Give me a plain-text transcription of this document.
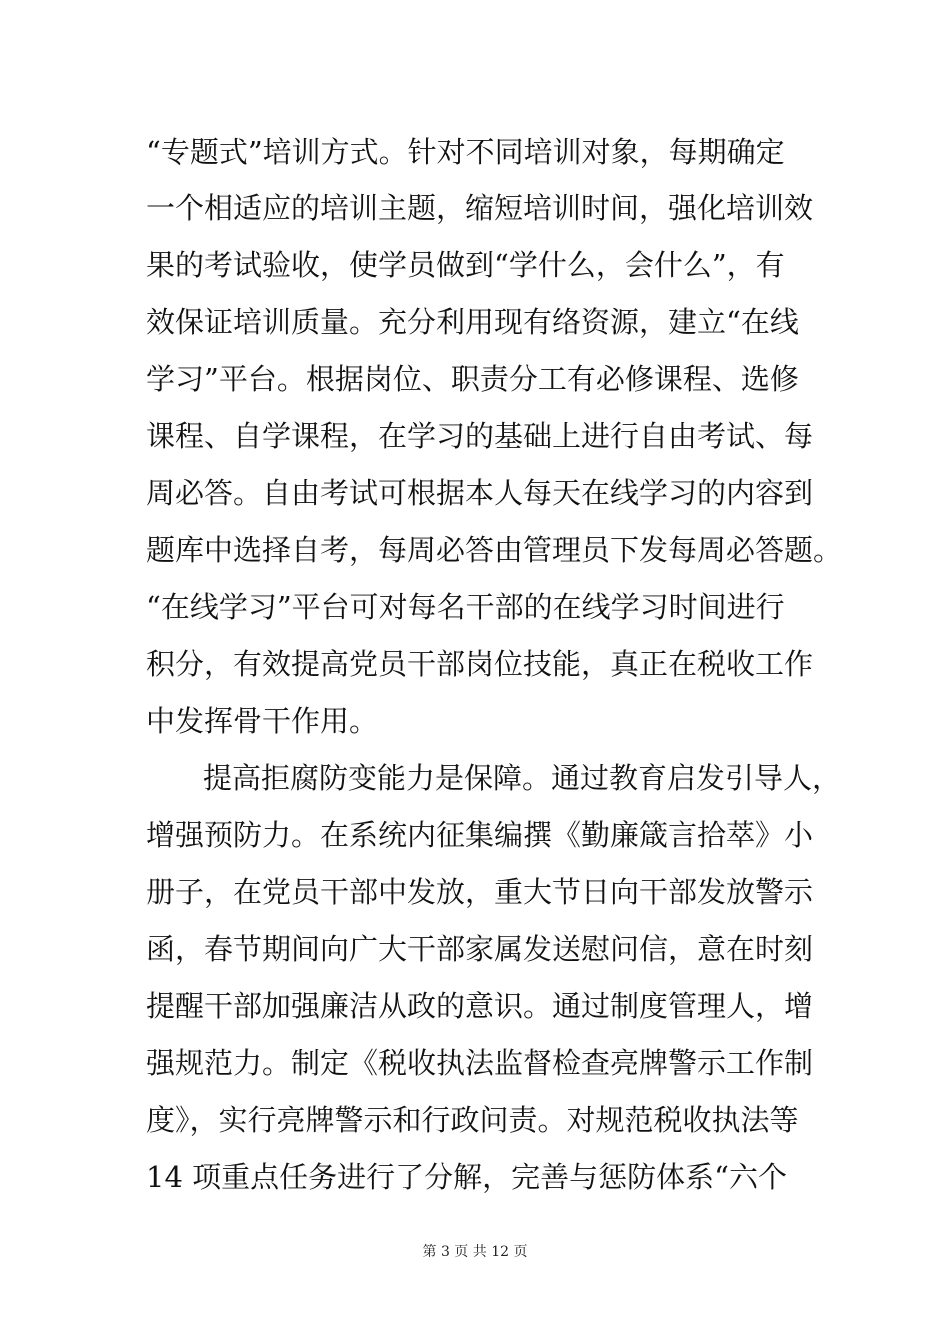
“专题式”培训方式。针对不同培训对象，每期确定
一个相适应的培训主题，缩短培训时间，强化培训效
果的考试验收，使学员做到“学什么，会什么”，有
效保证培训质量。充分利用现有络资源，建立“在线
学习”平台。根据岗位、职责分工有必修课程、选修
课程、自学课程，在学习的基础上进行自由考试、每
周必答。自由考试可根据本人每天在线学习的内容到
题库中选择自考，每周必答由管理员下发每周必答题。
“在线学习”平台可对每名干部的在线学习时间进行
积分，有效提高党员干部岗位技能，真正在税收工作
中发挥骨干作用。
提高拒腐防变能力是保障。通过教育启发引导人，
增强预防力。在系统内征集编撰《勤廉箴言拾萃》小
册子，在党员干部中发放，重大节日向干部发放警示
函，春节期间向广大干部家属发送慰问信，意在时刻
提醒干部加强廉洁从政的意识。通过制度管理人，增
强规范力。制定《税收执法监督检查亮牌警示工作制
度》，实行亮牌警示和行政问责。对规范税收执法等
14 项重点任务进行了分解，完善与惩防体系“六个
第 3 页 共 12 页
